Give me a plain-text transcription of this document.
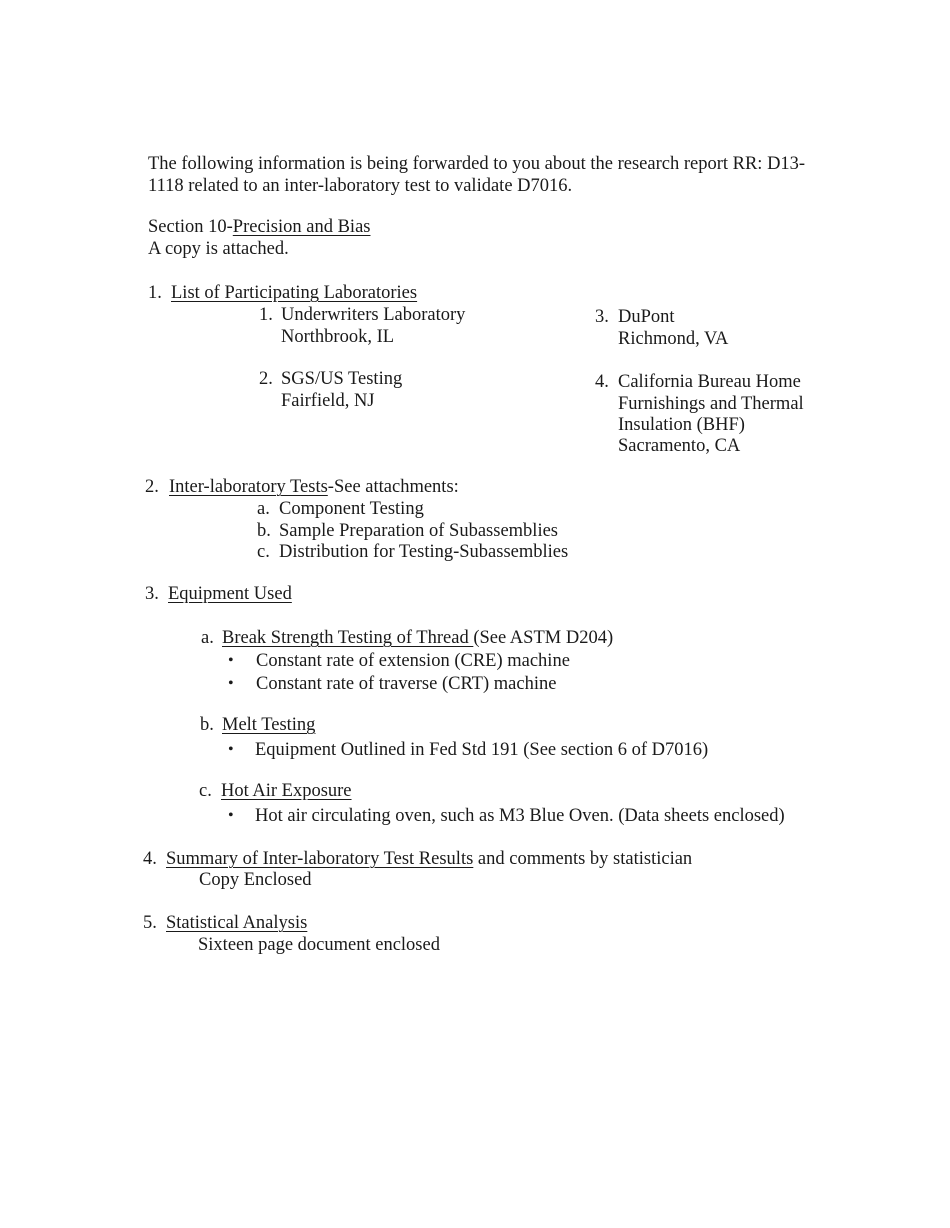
The following information is being forwarded to you about the research report RR: D13-
1118 related to an inter-laboratory test to validate D7016.
Section 10-Precision and Bias
A copy is attached.
1. List of Participating Laboratories
1. Underwriters Laboratory
Northbrook, IL
2. SGS/US Testing
Fairfield, NJ
3. DuPont
Richmond, VA
4. California Bureau Home
Furnishings and Thermal
Insulation (BHF)
Sacramento, CA
2. Inter-laboratory Tests-See attachments:
a. Component Testing
b. Sample Preparation of Subassemblies
c. Distribution for Testing-Subassemblies
3. Equipment Used
a. Break Strength Testing of Thread (See ASTM D204)
• Constant rate of extension (CRE) machine
• Constant rate of traverse (CRT) machine
b. Melt Testing
• Equipment Outlined in Fed Std 191 (See section 6 of D7016)
c. Hot Air Exposure
• Hot air circulating oven, such as M3 Blue Oven. (Data sheets enclosed)
4. Summary of Inter-laboratory Test Results and comments by statistician
Copy Enclosed
5. Statistical Analysis
Sixteen page document enclosed
